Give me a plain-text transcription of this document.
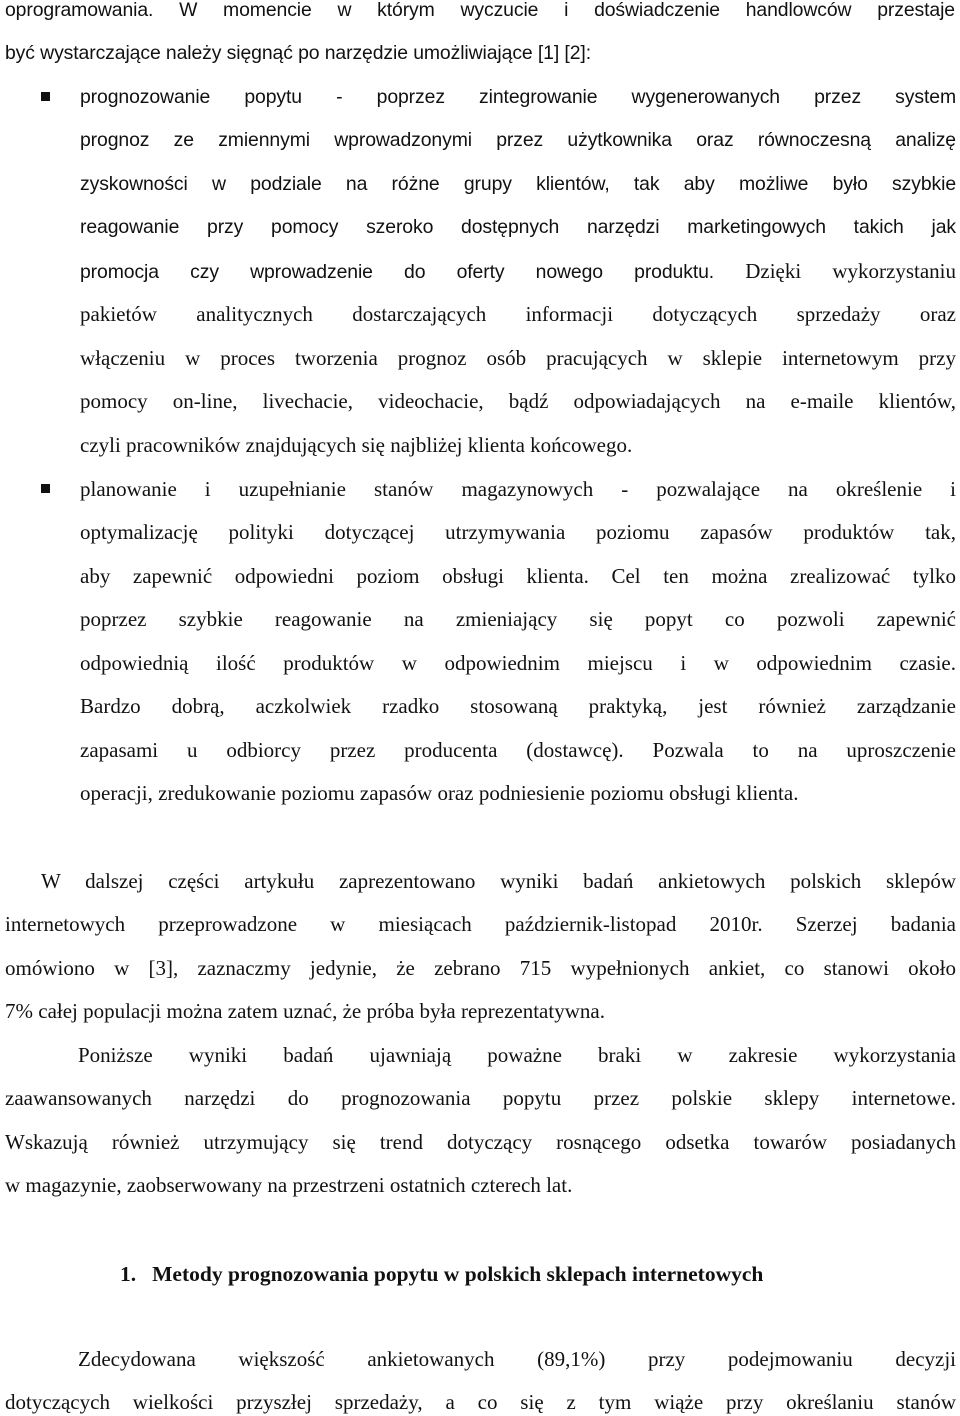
oprogramowania. W momencie w którym wyczucie i doświadczenie handlowców przestaje
być wystarczające należy sięgnąć po narzędzie umożliwiające [1] [2]:
prognozowanie popytu - poprzez zintegrowanie wygenerowanych przez system
prognoz ze zmiennymi wprowadzonymi przez użytkownika oraz równoczesną analizę
zyskowności w podziale na różne grupy klientów, tak aby możliwe było szybkie
reagowanie przy pomocy szeroko dostępnych narzędzi marketingowych takich jak
promocja czy wprowadzenie do oferty nowego produktu. Dzięki wykorzystaniu
pakietów analitycznych dostarczających informacji dotyczących sprzedaży oraz
włączeniu w proces tworzenia prognoz osób pracujących w sklepie internetowym przy
pomocy on-line, livechacie, videochacie, bądź odpowiadających na e-maile klientów,
czyli pracowników znajdujących się najbliżej klienta końcowego.
planowanie i uzupełnianie stanów magazynowych - pozwalające na określenie i
optymalizację polityki dotyczącej utrzymywania poziomu zapasów produktów tak,
aby zapewnić odpowiedni poziom obsługi klienta. Cel ten można zrealizować tylko
poprzez szybkie reagowanie na zmieniający się popyt co pozwoli zapewnić
odpowiednią ilość produktów w odpowiednim miejscu i w odpowiednim czasie.
Bardzo dobrą, aczkolwiek rzadko stosowaną praktyką, jest również zarządzanie
zapasami u odbiorcy przez producenta (dostawcę). Pozwala to na uproszczenie
operacji, zredukowanie poziomu zapasów oraz podniesienie poziomu obsługi klienta.
W dalszej części artykułu zaprezentowano wyniki badań ankietowych polskich sklepów
internetowych przeprowadzone w miesiącach październik-listopad 2010r. Szerzej badania
omówiono w [3], zaznaczmy jedynie, że zebrano 715 wypełnionych ankiet, co stanowi około
7% całej populacji można zatem uznać, że próba była reprezentatywna.
Poniższe wyniki badań ujawniają poważne braki w zakresie wykorzystania
zaawansowanych narzędzi do prognozowania popytu przez polskie sklepy internetowe.
Wskazują również utrzymujący się trend dotyczący rosnącego odsetka towarów posiadanych
w magazynie, zaobserwowany na przestrzeni ostatnich czterech lat.
1. Metody prognozowania popytu w polskich sklepach internetowych
Zdecydowana większość ankietowanych (89,1%) przy podejmowaniu decyzji
dotyczących wielkości przyszłej sprzedaży, a co się z tym wiąże przy określaniu stanów
